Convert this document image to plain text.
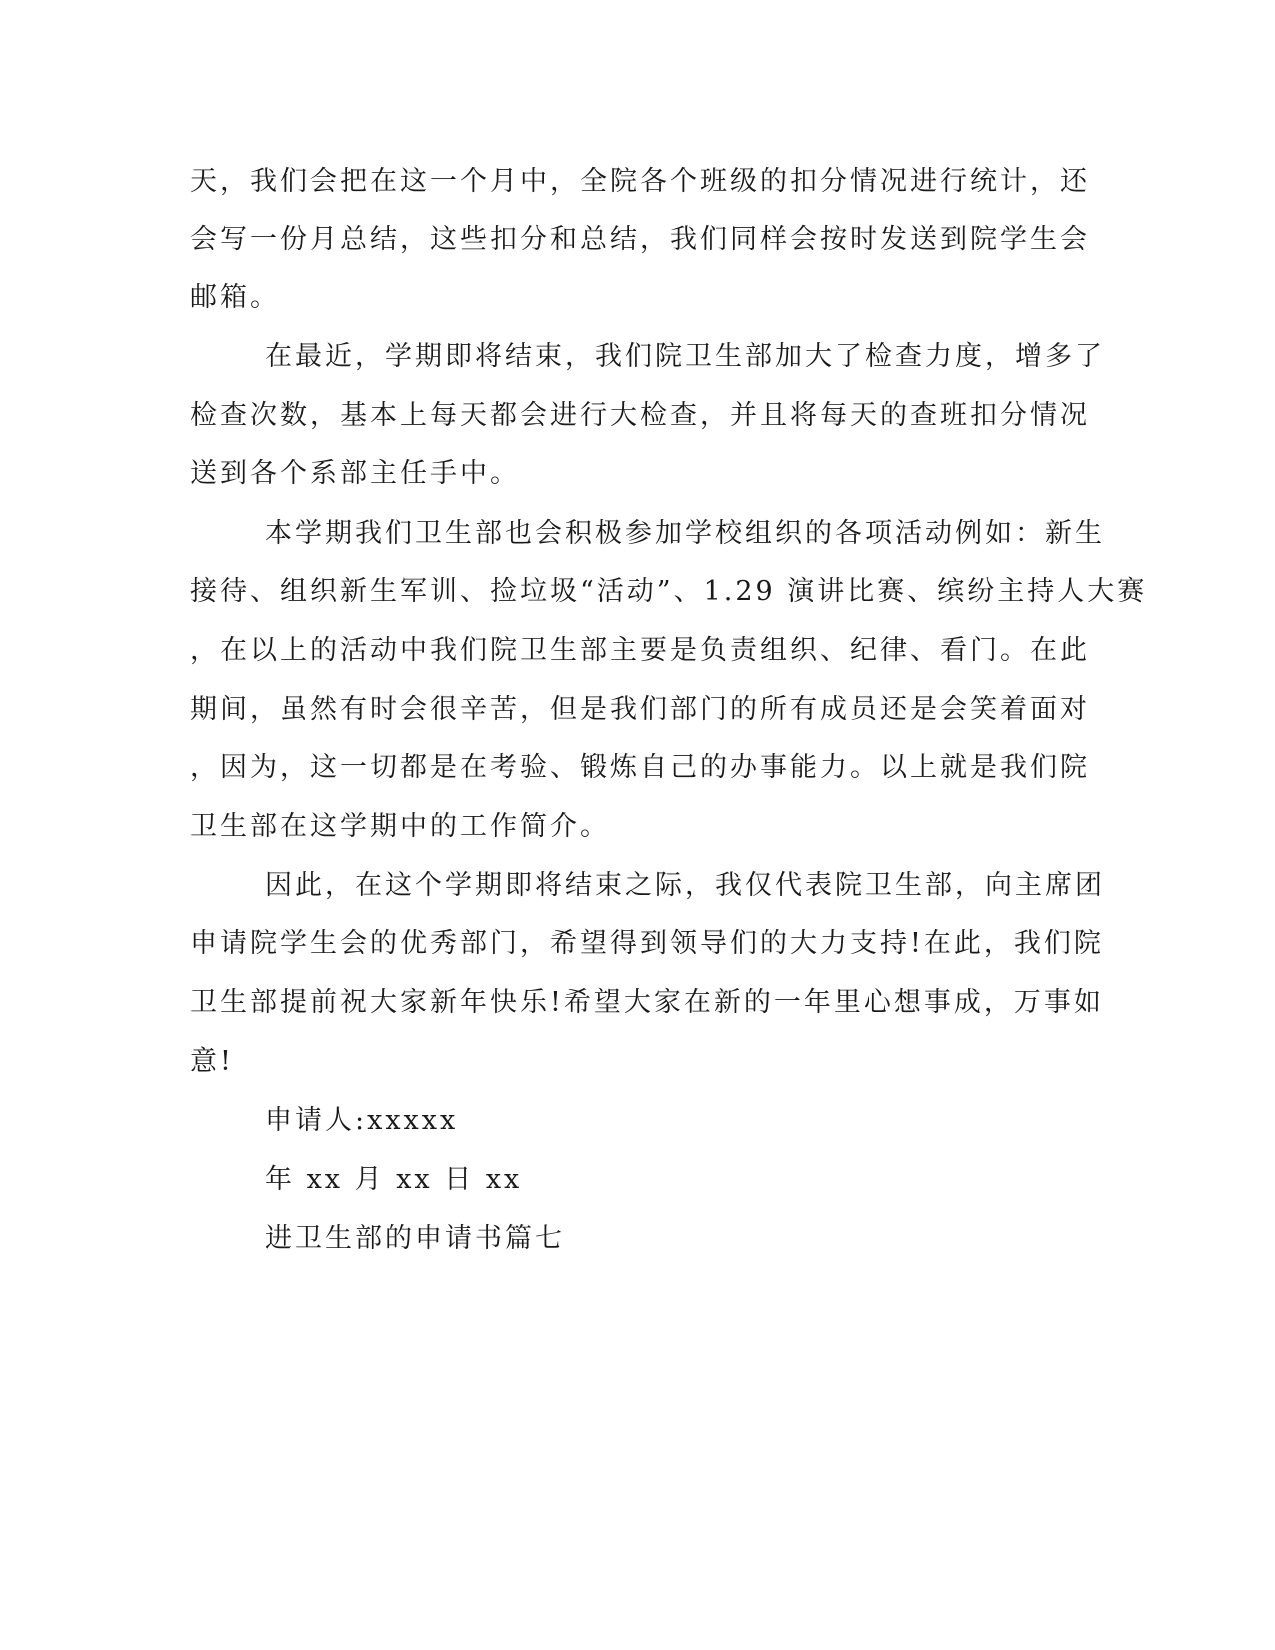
天，我们会把在这一个月中，全院各个班级的扣分情况进行统计，还
会写一份月总结，这些扣分和总结，我们同样会按时发送到院学生会
邮箱。
在最近，学期即将结束，我们院卫生部加大了检查力度，增多了
检查次数，基本上每天都会进行大检查，并且将每天的查班扣分情况
送到各个系部主任手中。
本学期我们卫生部也会积极参加学校组织的各项活动例如：新生
接待、组织新生军训、捡垃圾“活动”、1.29 演讲比赛、缤纷主持人大赛
，在以上的活动中我们院卫生部主要是负责组织、纪律、看门。在此
期间，虽然有时会很辛苦，但是我们部门的所有成员还是会笑着面对
，因为，这一切都是在考验、锻炼自己的办事能力。以上就是我们院
卫生部在这学期中的工作简介。
因此，在这个学期即将结束之际，我仅代表院卫生部，向主席团
申请院学生会的优秀部门，希望得到领导们的大力支持!在此，我们院
卫生部提前祝大家新年快乐!希望大家在新的一年里心想事成，万事如
意!
申请人:xxxxx
年 xx 月 xx 日 xx
进卫生部的申请书篇七
